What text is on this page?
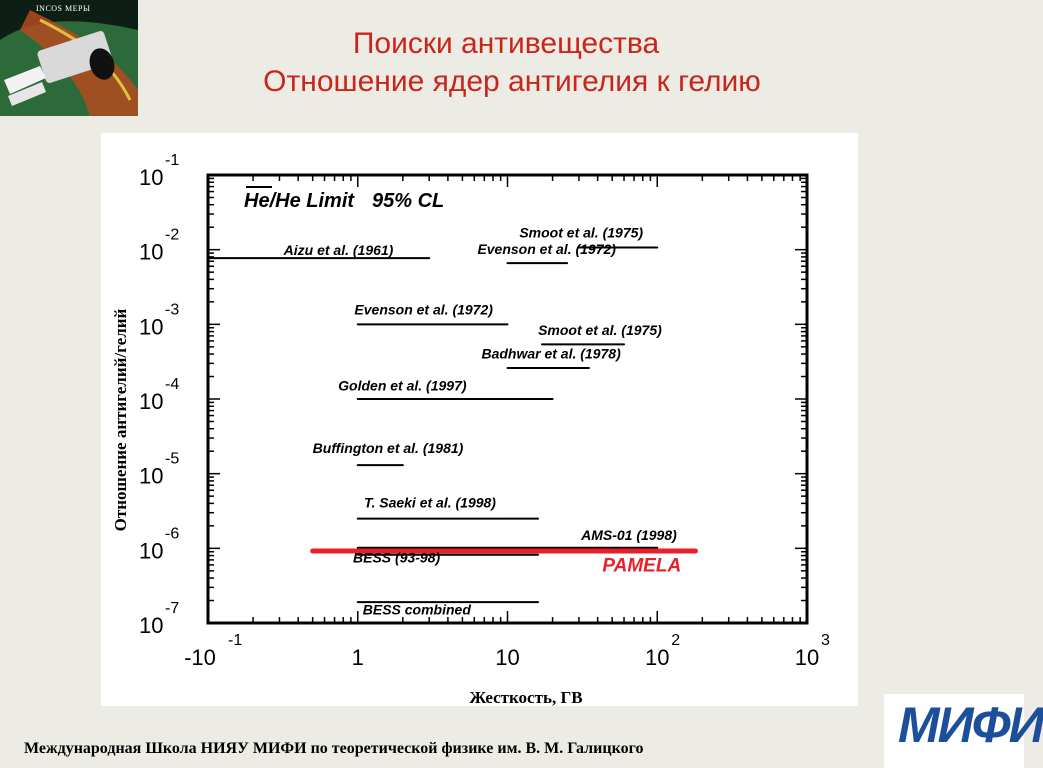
INCOS МЕРЫ
Поиски антивещества
Отношение ядер антигелия к гелию
10
-1
10
-2
10
-3
10
-4
10
-5
10
-6
10
-7
-10
-1
1	10	10
2
10
3
He/He Limit 95% CL
Aizu et al. (1961)
Smoot et al. (1975)
Evenson et al. (1972)
Evenson et al. (1972)
Smoot et al. (1975)
Badhwar et al. (1978)
Golden et al. (1997)
Buffington et al. (1981)
T. Saeki et al. (1998)
AMS-01 (1998)
BESS (93-98)
BESS combined
PAMELA
Отношение антигелий/гелий
Жесткость, ГВ
Международная Школа НИЯУ МИФИ по теоретической физике им. В. М. Галицкого	МИФИ
